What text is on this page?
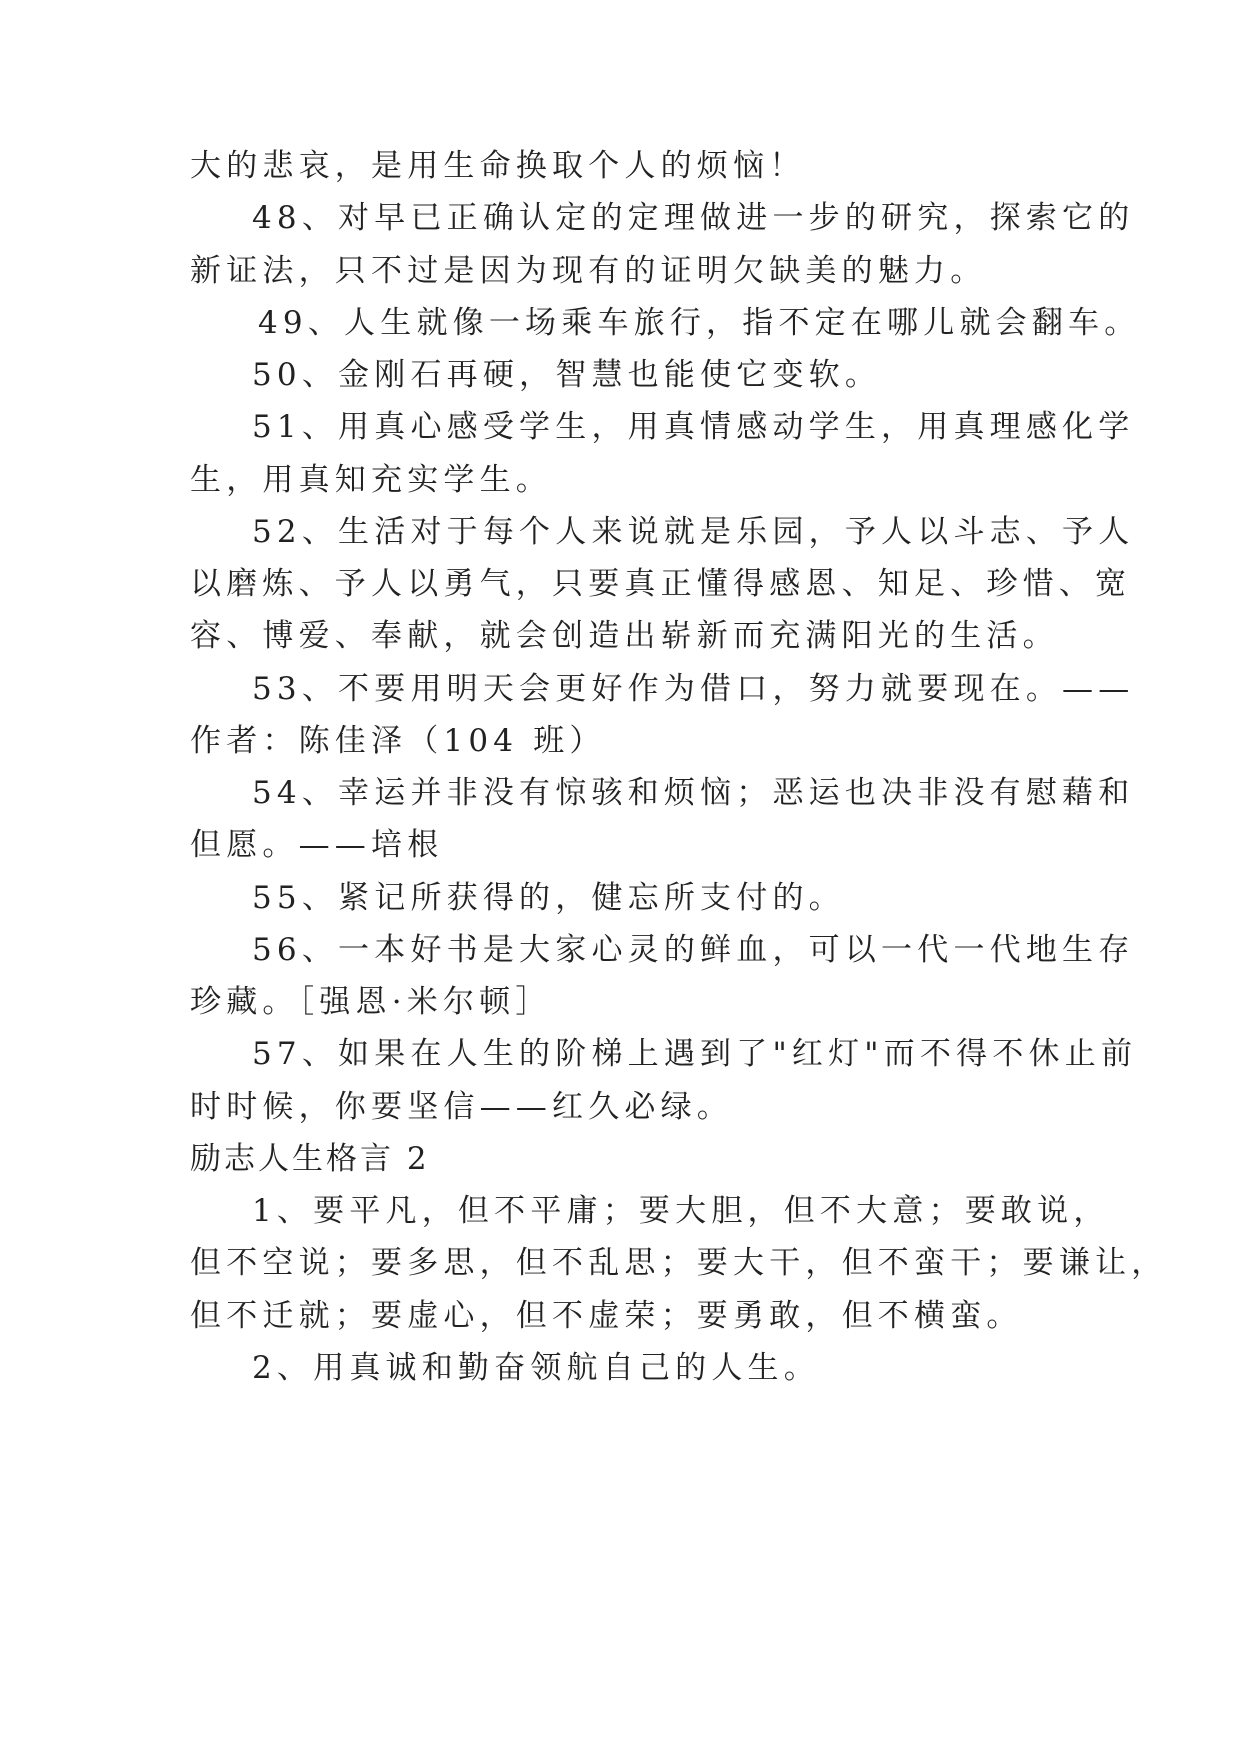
大的悲哀，是用生命换取个人的烦恼！
48、对早已正确认定的定理做进一步的研究，探索它的
新证法，只不过是因为现有的证明欠缺美的魅力。
49、人生就像一场乘车旅行，指不定在哪儿就会翻车。
50、金刚石再硬，智慧也能使它变软。
51、用真心感受学生，用真情感动学生，用真理感化学
生，用真知充实学生。
52、生活对于每个人来说就是乐园，予人以斗志、予人
以磨炼、予人以勇气，只要真正懂得感恩、知足、珍惜、宽
容、博爱、奉献，就会创造出崭新而充满阳光的生活。
53、不要用明天会更好作为借口，努力就要现在。——
作者：陈佳泽（104 班）
54、幸运并非没有惊骇和烦恼；恶运也决非没有慰藉和
但愿。——培根
55、紧记所获得的，健忘所支付的。
56、一本好书是大家心灵的鲜血，可以一代一代地生存
珍藏。［强恩·米尔顿］
57、如果在人生的阶梯上遇到了"红灯"而不得不休止前
时时候，你要坚信——红久必绿。
励志人生格言 2
1、要平凡，但不平庸；要大胆，但不大意；要敢说，
但不空说；要多思，但不乱思；要大干，但不蛮干；要谦让，
但不迁就；要虚心，但不虚荣；要勇敢，但不横蛮。
2、用真诚和勤奋领航自己的人生。
